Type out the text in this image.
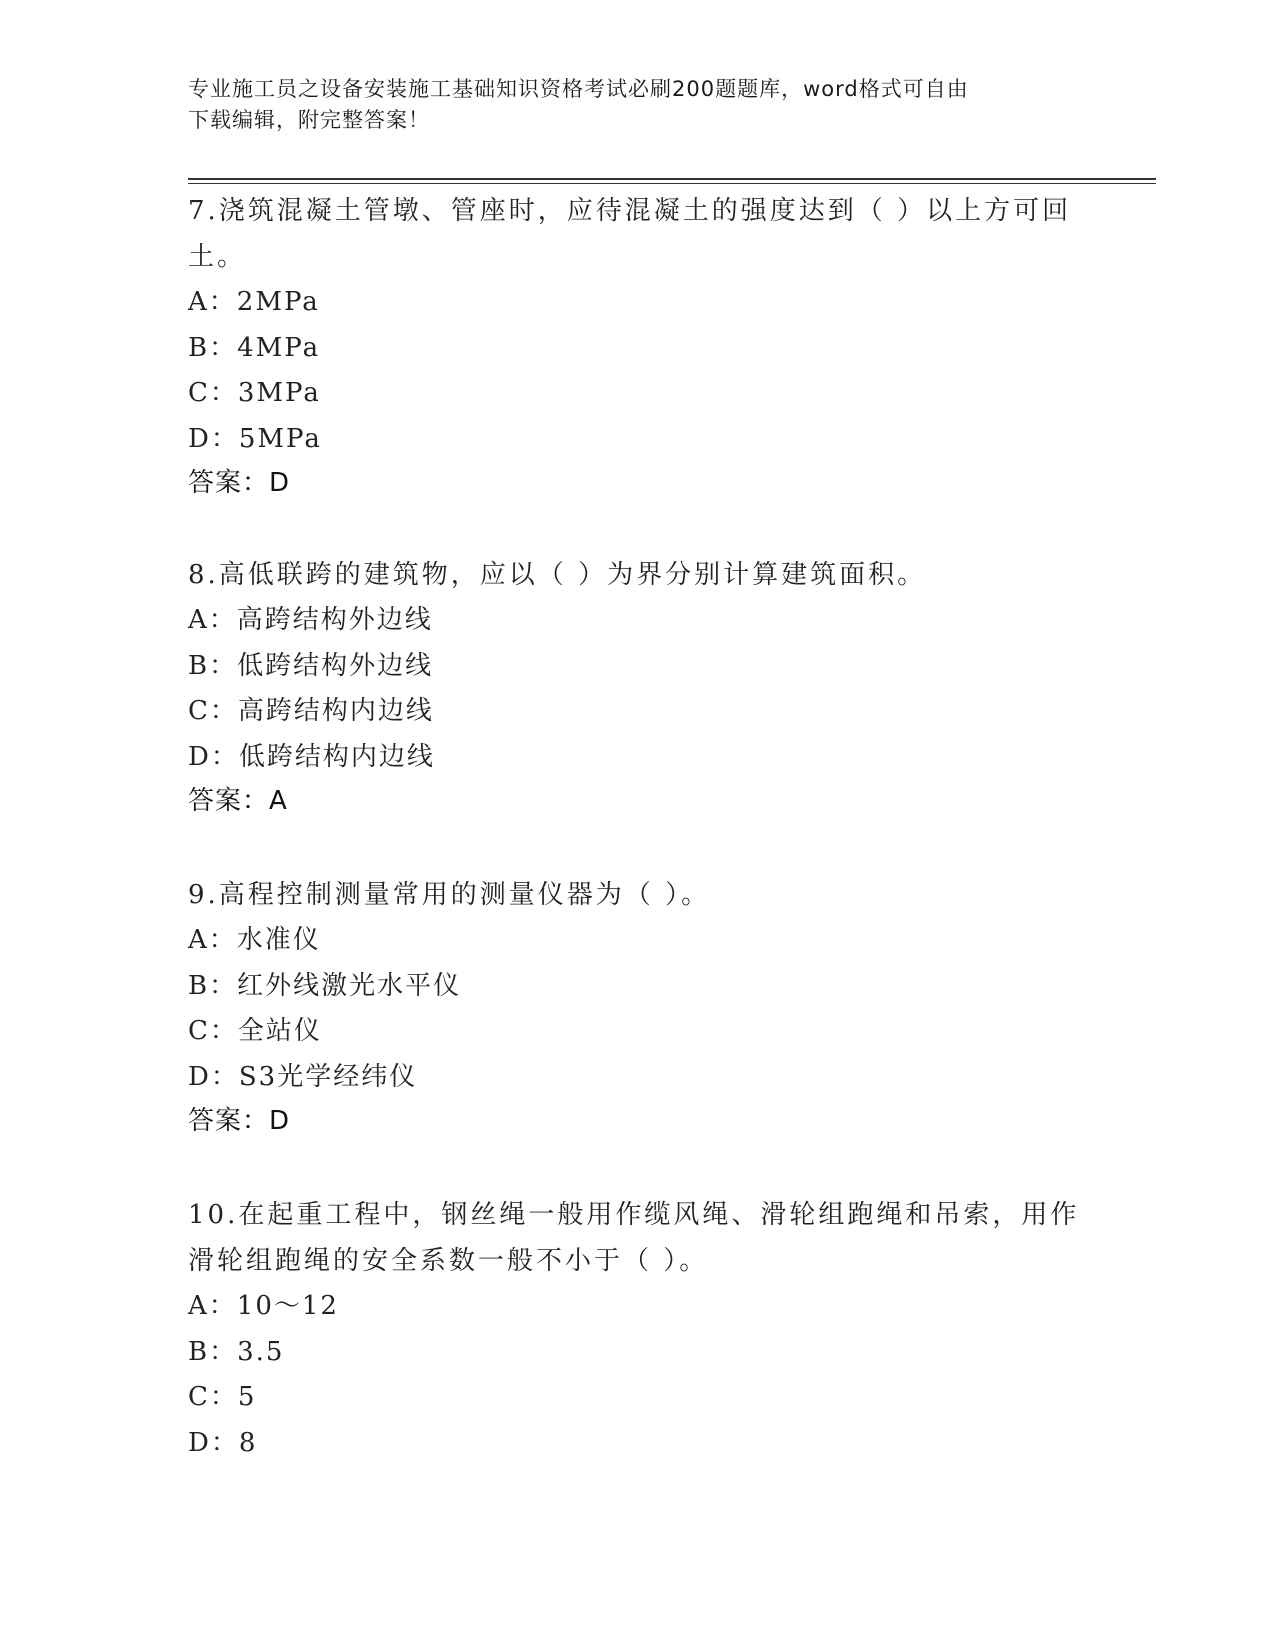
专业施工员之设备安装施工基础知识资格考试必刷200题题库，word格式可自由
下载编辑，附完整答案！

7.浇筑混凝土管墩、管座时，应待混凝土的强度达到（ ）以上方可回
土。

A：2MPa

B：4MPa

C：3MPa

D：5MPa

答案：D

8.高低联跨的建筑物，应以（ ）为界分别计算建筑面积。

A：高跨结构外边线

B：低跨结构外边线

C：高跨结构内边线

D：低跨结构内边线

答案：A

9.高程控制测量常用的测量仪器为（ ）。

A：水准仪

B：红外线激光水平仪

C：全站仪

D：S3光学经纬仪

答案：D

10.在起重工程中，钢丝绳一般用作缆风绳、滑轮组跑绳和吊索，用作
滑轮组跑绳的安全系数一般不小于（ ）。

A：10～12

B：3.5

C：5

D：8
